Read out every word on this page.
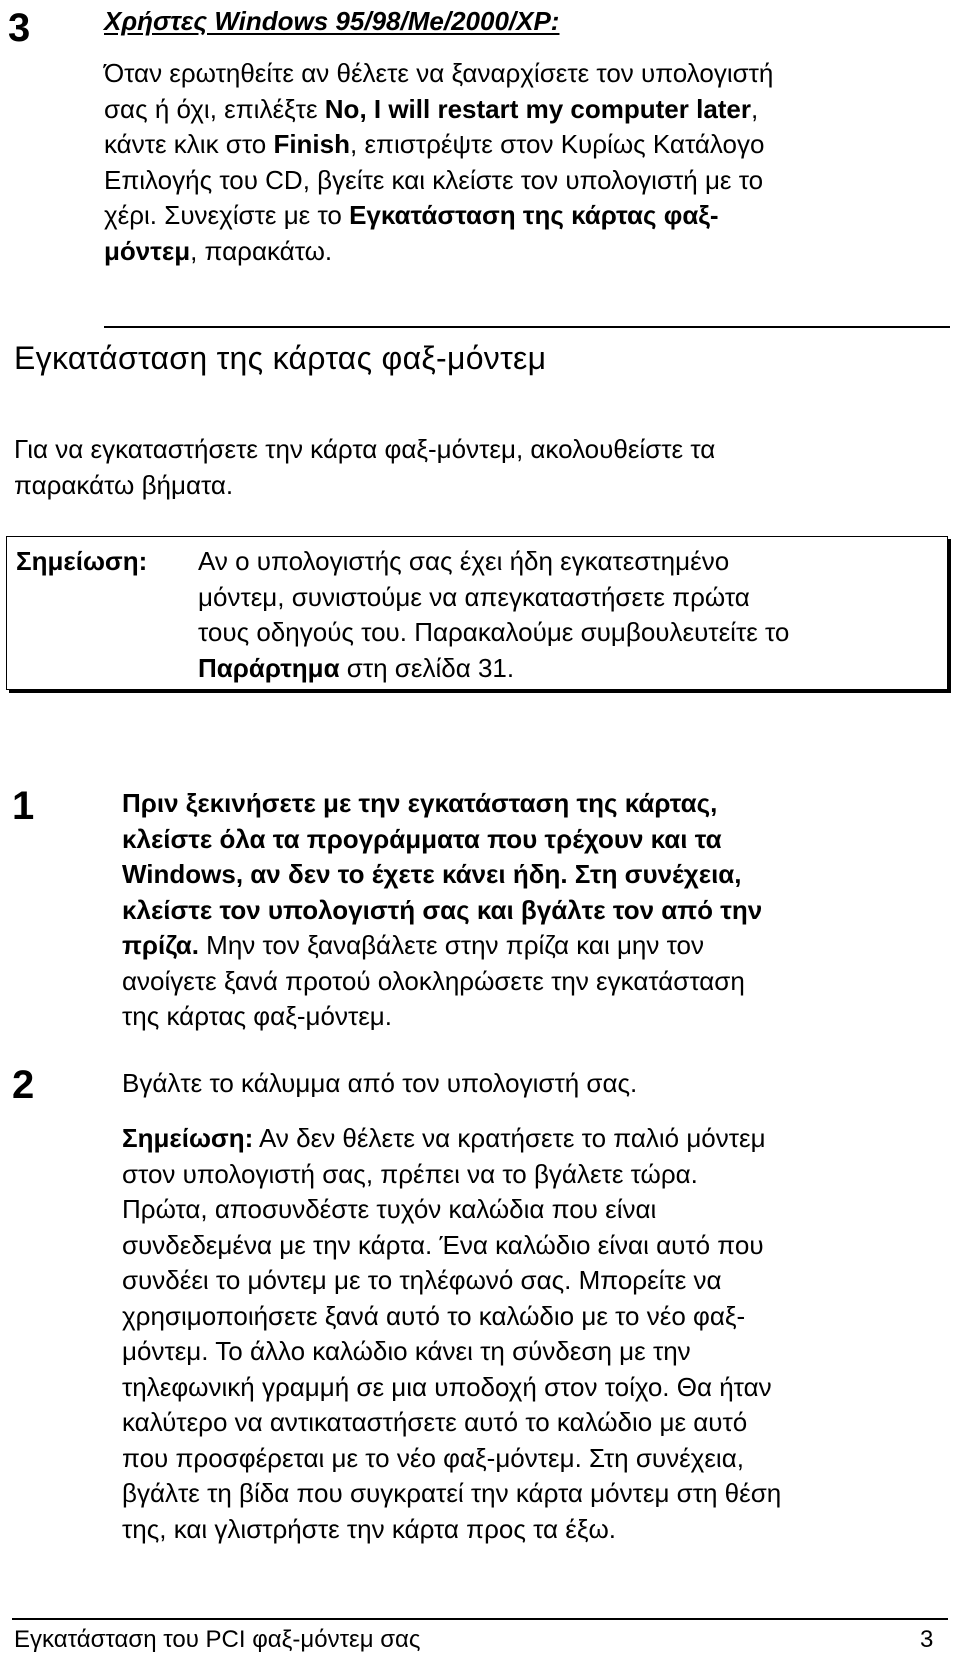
3	Χρήστες Windows 95/98/Me/2000/XP:
Όταν ερωτηθείτε αν θέλετε να ξαναρχίσετε τον υπολογιστή
σας ή όχι, επιλέξτε No, I will restart my computer later,
κάντε κλικ στο Finish, επιστρέψτε στον Κυρίως Κατάλογο
Επιλογής του CD, βγείτε και κλείστε τον υπολογιστή με το
χέρι. Συνεχίστε με το Εγκατάσταση της κάρτας φαξ-
μόντεμ, παρακάτω.
Εγκατάσταση της κάρτας φαξ-μόντεμ
Για να εγκαταστήσετε την κάρτα φαξ-μόντεμ, ακολουθείστε τα
παρακάτω βήματα.
Σημείωση: Αν ο υπολογιστής σας έχει ήδη εγκατεστημένο
μόντεμ, συνιστούμε να απεγκαταστήσετε πρώτα
τους οδηγούς του. Παρακαλούμε συμβουλευτείτε το
Παράρτημα στη σελίδα 31.
1	Πριν ξεκινήσετε με την εγκατάσταση της κάρτας,
κλείστε όλα τα προγράμματα που τρέχουν και τα
Windows, αν δεν το έχετε κάνει ήδη. Στη συνέχεια,
κλείστε τον υπολογιστή σας και βγάλτε τον από την
πρίζα. Μην τον ξαναβάλετε στην πρίζα και μην τον
ανοίγετε ξανά προτού ολοκληρώσετε την εγκατάσταση
της κάρτας φαξ-μόντεμ.
2	Βγάλτε το κάλυμμα από τον υπολογιστή σας.
Σημείωση: Αν δεν θέλετε να κρατήσετε το παλιό μόντεμ
στον υπολογιστή σας, πρέπει να το βγάλετε τώρα.
Πρώτα, αποσυνδέστε τυχόν καλώδια που είναι
συνδεδεμένα με την κάρτα. Ένα καλώδιο είναι αυτό που
συνδέει το μόντεμ με το τηλέφωνό σας. Μπορείτε να
χρησιμοποιήσετε ξανά αυτό το καλώδιο με το νέο φαξ-
μόντεμ. Το άλλο καλώδιο κάνει τη σύνδεση με την
τηλεφωνική γραμμή σε μια υποδοχή στον τοίχο. Θα ήταν
καλύτερο να αντικαταστήσετε αυτό το καλώδιο με αυτό
που προσφέρεται με το νέο φαξ-μόντεμ. Στη συνέχεια,
βγάλτε τη βίδα που συγκρατεί την κάρτα μόντεμ στη θέση
της, και γλιστρήστε την κάρτα προς τα έξω.
Εγκατάσταση του PCI φαξ-μόντεμ σας	3
